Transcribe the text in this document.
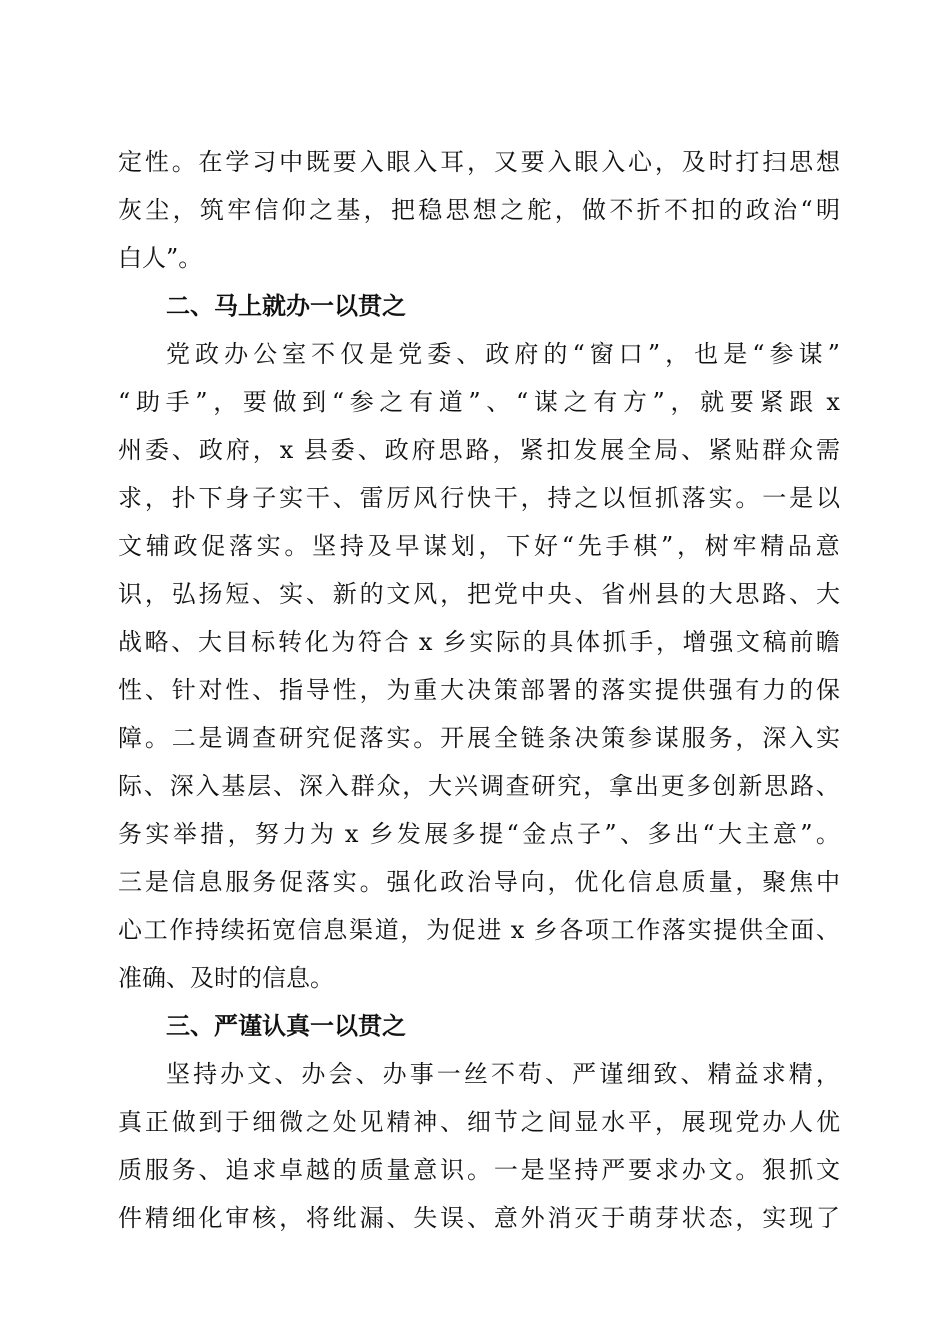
定 性 。 在 学 习 中 既 要 入 眼 入 耳 ， 又 要 入 眼 入 心 ， 及 时 打 扫 思 想
灰 尘 ， 筑 牢 信 仰 之 基 ， 把 稳 思 想 之 舵 ， 做 不 折 不 扣 的 政 治 “ 明
白人”。
二、马上就办一以贯之
党 政 办 公 室 不 仅 是 党 委 、 政 府 的 “ 窗 口 ” ， 也 是 “ 参 谋 ”
“ 助 手 ” ， 要 做 到 “ 参 之 有 道 ” 、 “ 谋 之 有 方 ” ， 就 要 紧 跟 x
州 委 、 政 府 ， x 县 委 、 政 府 思 路 ， 紧 扣 发 展 全 局 、 紧 贴 群 众 需
求 ， 扑 下 身 子 实 干 、 雷 厉 风 行 快 干 ， 持 之 以 恒 抓 落 实 。 一 是 以
文 辅 政 促 落 实 。 坚 持 及 早 谋 划 ， 下 好 “ 先 手 棋 ” ， 树 牢 精 品 意
识 ， 弘 扬 短 、 实 、 新 的 文 风 ， 把 党 中 央 、 省 州 县 的 大 思 路 、 大
战 略 、 大 目 标 转 化 为 符 合 x 乡 实 际 的 具 体 抓 手 ， 增 强 文 稿 前 瞻
性 、 针 对 性 、 指 导 性 ， 为 重 大 决 策 部 署 的 落 实 提 供 强 有 力 的 保
障 。 二 是 调 查 研 究 促 落 实 。 开 展 全 链 条 决 策 参 谋 服 务 ， 深 入 实
际 、 深 入 基 层 、 深 入 群 众 ， 大 兴 调 查 研 究 ， 拿 出 更 多 创 新 思 路 、
务 实 举 措 ， 努 力 为 x 乡 发 展 多 提 “ 金 点 子 ” 、 多 出 “ 大 主 意 ” 。
三 是 信 息 服 务 促 落 实 。 强 化 政 治 导 向 ， 优 化 信 息 质 量 ， 聚 焦 中
心 工 作 持 续 拓 宽 信 息 渠 道 ， 为 促 进 x 乡 各 项 工 作 落 实 提 供 全 面 、
准确、及时的信息。
三、严谨认真一以贯之
坚 持 办 文 、 办 会 、 办 事 一 丝 不 苟 、 严 谨 细 致 、 精 益 求 精 ，
真 正 做 到 于 细 微 之 处 见 精 神 、 细 节 之 间 显 水 平 ， 展 现 党 办 人 优
质 服 务 、 追 求 卓 越 的 质 量 意 识 。 一 是 坚 持 严 要 求 办 文 。 狠 抓 文
件 精 细 化 审 核 ， 将 纰 漏 、 失 误 、 意 外 消 灭 于 萌 芽 状 态 ， 实 现 了
